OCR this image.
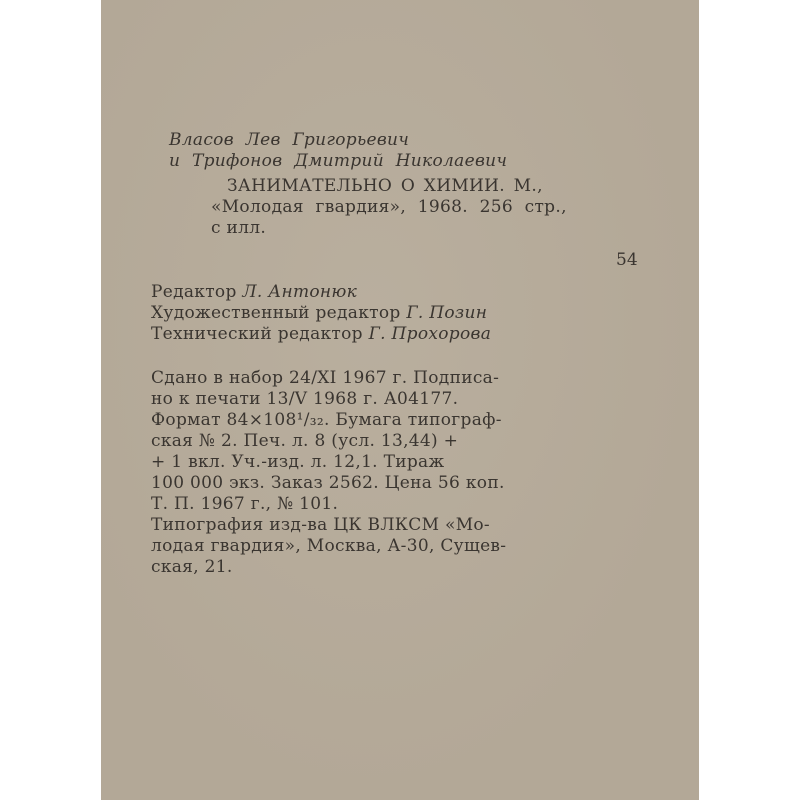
Власов Лев Григорьевич
и Трифонов Дмитрий Николаевич
ЗАНИМАТЕЛЬНО О ХИМИИ. М.,
«Молодая гвардия», 1968. 256 стр.,
с илл.
54
Редактор Л. Антонюк
Художественный редактор Г. Позин
Технический редактор Г. Прохорова
Сдано в набор 24/XI 1967 г. Подписа-
но к печати 13/V 1968 г. А04177.
Формат 84×108¹/₃₂. Бумага типограф-
ская № 2. Печ. л. 8 (усл. 13,44) +
+ 1 вкл. Уч.-изд. л. 12,1. Тираж
100 000 экз. Заказ 2562. Цена 56 коп.
Т. П. 1967 г., № 101.
Типография изд-ва ЦК ВЛКСМ «Мо-
лодая гвардия», Москва, А-30, Сущев-
ская, 21.
